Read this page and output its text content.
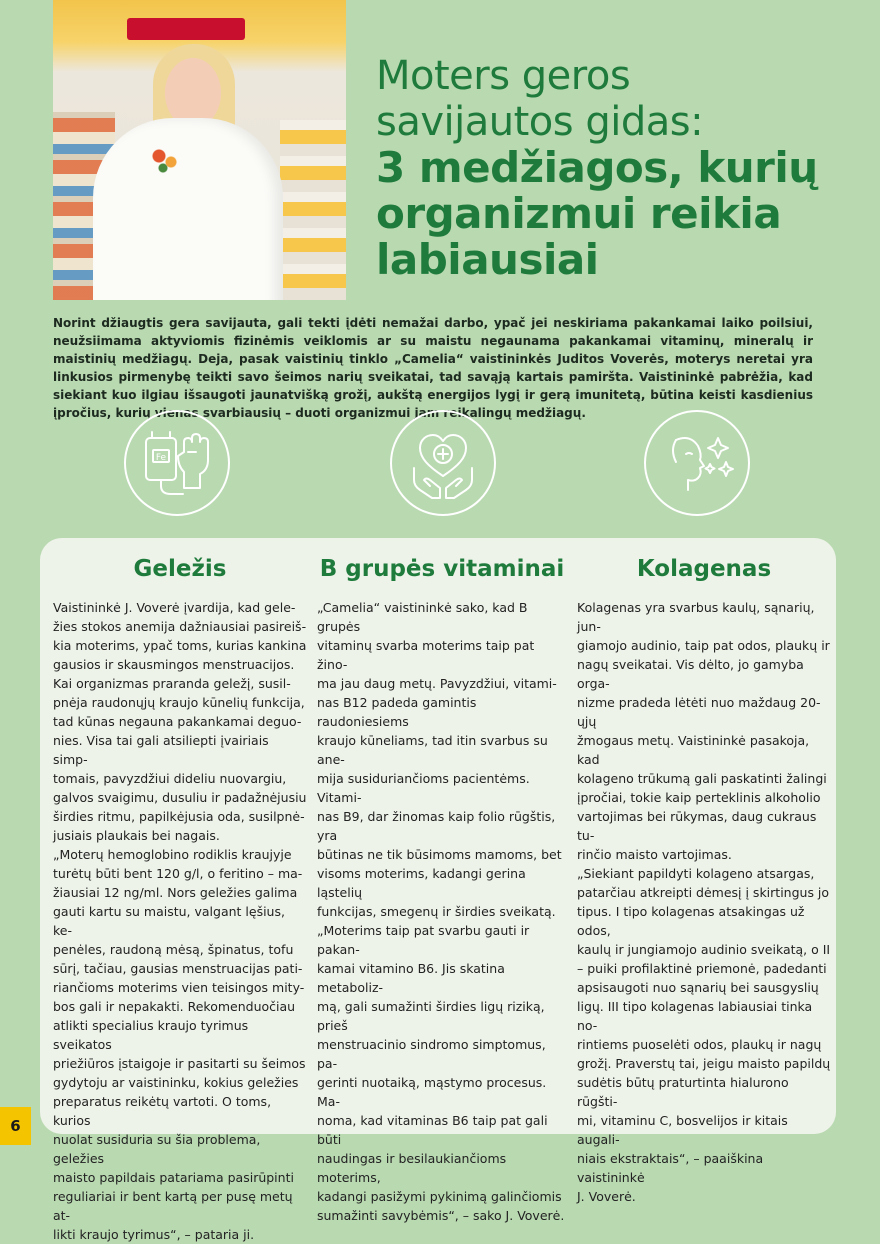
Moters geros
savijautos gidas:
3 medžiagos, kurių
organizmui reikia
labiausiai

Norint džiaugtis gera savijauta, gali tekti įdėti nemažai darbo, ypač jei neskiriama pakankamai laiko poilsiui, neužsiimama aktyviomis fizinėmis veiklomis ar su maistu negaunama pakankamai vitaminų, mineralų ir maistinių medžiagų. Deja, pasak vaistinių tinklo „Camelia“ vaistininkės Juditos Voverės, moterys neretai yra linkusios pirmenybę teikti savo šeimos narių sveikatai, tad savąją kartais pamiršta. Vaistininkė pabrėžia, kad siekiant kuo ilgiau išsaugoti jaunatvišką grožį, aukštą energijos lygį ir gerą imunitetą, būtina keisti kasdienius įpročius, kurių vienas svarbiausių – duoti organizmui jam reikalingų medžiagų.

Fe
Geležis

Vaistininkė J. Voverė įvardija, kad gele-
žies stokos anemija dažniausiai pasireiš-
kia moterims, ypač toms, kurias kankina
gausios ir skausmingos menstruacijos.
Kai organizmas praranda geležį, susil-
pnėja raudonųjų kraujo kūnelių funkcija,
tad kūnas negauna pakankamai deguo-
nies. Visa tai gali atsiliepti įvairiais simp-
tomais, pavyzdžiui dideliu nuovargiu,
galvos svaigimu, dusuliu ir padažnėjusiu
širdies ritmu, papilkėjusia oda, susilpnė-
jusiais plaukais bei nagais.
„Moterų hemoglobino rodiklis kraujyje
turėtų būti bent 120 g/l, o feritino – ma-
žiausiai 12 ng/ml. Nors geležies galima
gauti kartu su maistu, valgant lęšius, ke-
penėles, raudoną mėsą, špinatus, tofu
sūrį, tačiau, gausias menstruacijas pati-
riančioms moterims vien teisingos mity-
bos gali ir nepakakti. Rekomenduočiau
atlikti specialius kraujo tyrimus sveikatos
priežiūros įstaigoje ir pasitarti su šeimos
gydytoju ar vaistininku, kokius geležies
preparatus reikėtų vartoti. O toms, kurios
nuolat susiduria su šia problema, geležies
maisto papildais patariama pasirūpinti
reguliariai ir bent kartą per pusę metų at-
likti kraujo tyrimus“, – pataria ji.

B grupės vitaminai

„Camelia“ vaistininkė sako, kad B grupės
vitaminų svarba moterims taip pat žino-
ma jau daug metų. Pavyzdžiui, vitami-
nas B12 padeda gamintis raudoniesiems
kraujo kūneliams, tad itin svarbus su ane-
mija susiduriančioms pacientėms. Vitami-
nas B9, dar žinomas kaip folio rūgštis, yra
būtinas ne tik būsimoms mamoms, bet
visoms moterims, kadangi gerina ląstelių
funkcijas, smegenų ir širdies sveikatą.
„Moterims taip pat svarbu gauti ir pakan-
kamai vitamino B6. Jis skatina metaboliz-
mą, gali sumažinti širdies ligų riziką, prieš
menstruacinio sindromo simptomus, pa-
gerinti nuotaiką, mąstymo procesus. Ma-
noma, kad vitaminas B6 taip pat gali būti
naudingas ir besilaukiančioms moterims,
kadangi pasižymi pykinimą galinčiomis
sumažinti savybėmis“, – sako J. Voverė.

Kolagenas

Kolagenas yra svarbus kaulų, sąnarių, jun-
giamojo audinio, taip pat odos, plaukų ir
nagų sveikatai. Vis dėlto, jo gamyba orga-
nizme pradeda lėtėti nuo maždaug 20-ųjų
žmogaus metų. Vaistininkė pasakoja, kad
kolageno trūkumą gali paskatinti žalingi
įpročiai, tokie kaip perteklinis alkoholio
vartojimas bei rūkymas, daug cukraus tu-
rinčio maisto vartojimas.
„Siekiant papildyti kolageno atsargas,
patarčiau atkreipti dėmesį į skirtingus jo
tipus. I tipo kolagenas atsakingas už odos,
kaulų ir jungiamojo audinio sveikatą, o II
– puiki profilaktinė priemonė, padedanti
apsisaugoti nuo sąnarių bei sausgyslių
ligų. III tipo kolagenas labiausiai tinka no-
rintiems puoselėti odos, plaukų ir nagų
grožį. Praverstų tai, jeigu maisto papildų
sudėtis būtų praturtinta hialurono rūgšti-
mi, vitaminu C, bosvelijos ir kitais augali-
niais ekstraktais“, – paaiškina vaistininkė
J. Voverė.

6
